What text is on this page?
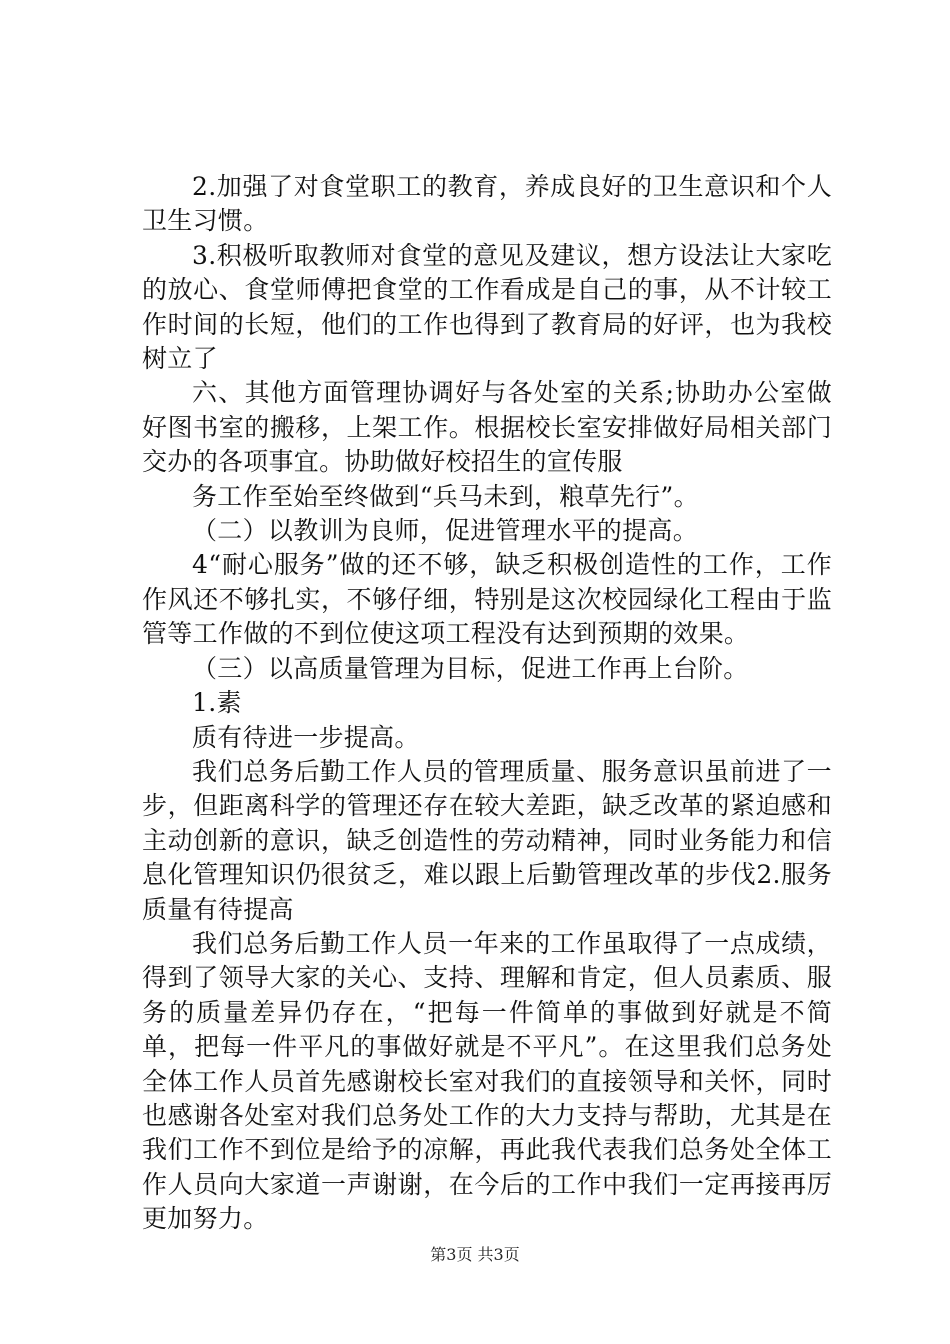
2.加强了对食堂职工的教育，养成良好的卫生意识和个人卫生习惯。

3.积极听取教师对食堂的意见及建议，想方设法让大家吃的放心、食堂师傅把食堂的工作看成是自己的事，从不计较工作时间的长短，他们的工作也得到了教育局的好评，也为我校树立了

六、其他方面管理协调好与各处室的关系;协助办公室做好图书室的搬移，上架工作。根据校长室安排做好局相关部门交办的各项事宜。协助做好校招生的宣传服

务工作至始至终做到“兵马未到，粮草先行”。

（二）以教训为良师，促进管理水平的提高。

4“耐心服务”做的还不够，缺乏积极创造性的工作，工作作风还不够扎实，不够仔细，特别是这次校园绿化工程由于监管等工作做的不到位使这项工程没有达到预期的效果。

（三）以高质量管理为目标，促进工作再上台阶。

1.素

质有待进一步提高。

我们总务后勤工作人员的管理质量、服务意识虽前进了一步，但距离科学的管理还存在较大差距，缺乏改革的紧迫感和主动创新的意识，缺乏创造性的劳动精神，同时业务能力和信息化管理知识仍很贫乏，难以跟上后勤管理改革的步伐2.服务质量有待提高

我们总务后勤工作人员一年来的工作虽取得了一点成绩，得到了领导大家的关心、支持、理解和肯定，但人员素质、服务的质量差异仍存在，“把每一件简单的事做到好就是不简单，把每一件平凡的事做好就是不平凡”。在这里我们总务处全体工作人员首先感谢校长室对我们的直接领导和关怀，同时也感谢各处室对我们总务处工作的大力支持与帮助，尤其是在我们工作不到位是给予的凉解，再此我代表我们总务处全体工作人员向大家道一声谢谢，在今后的工作中我们一定再接再厉更加努力。

第3页 共3页
